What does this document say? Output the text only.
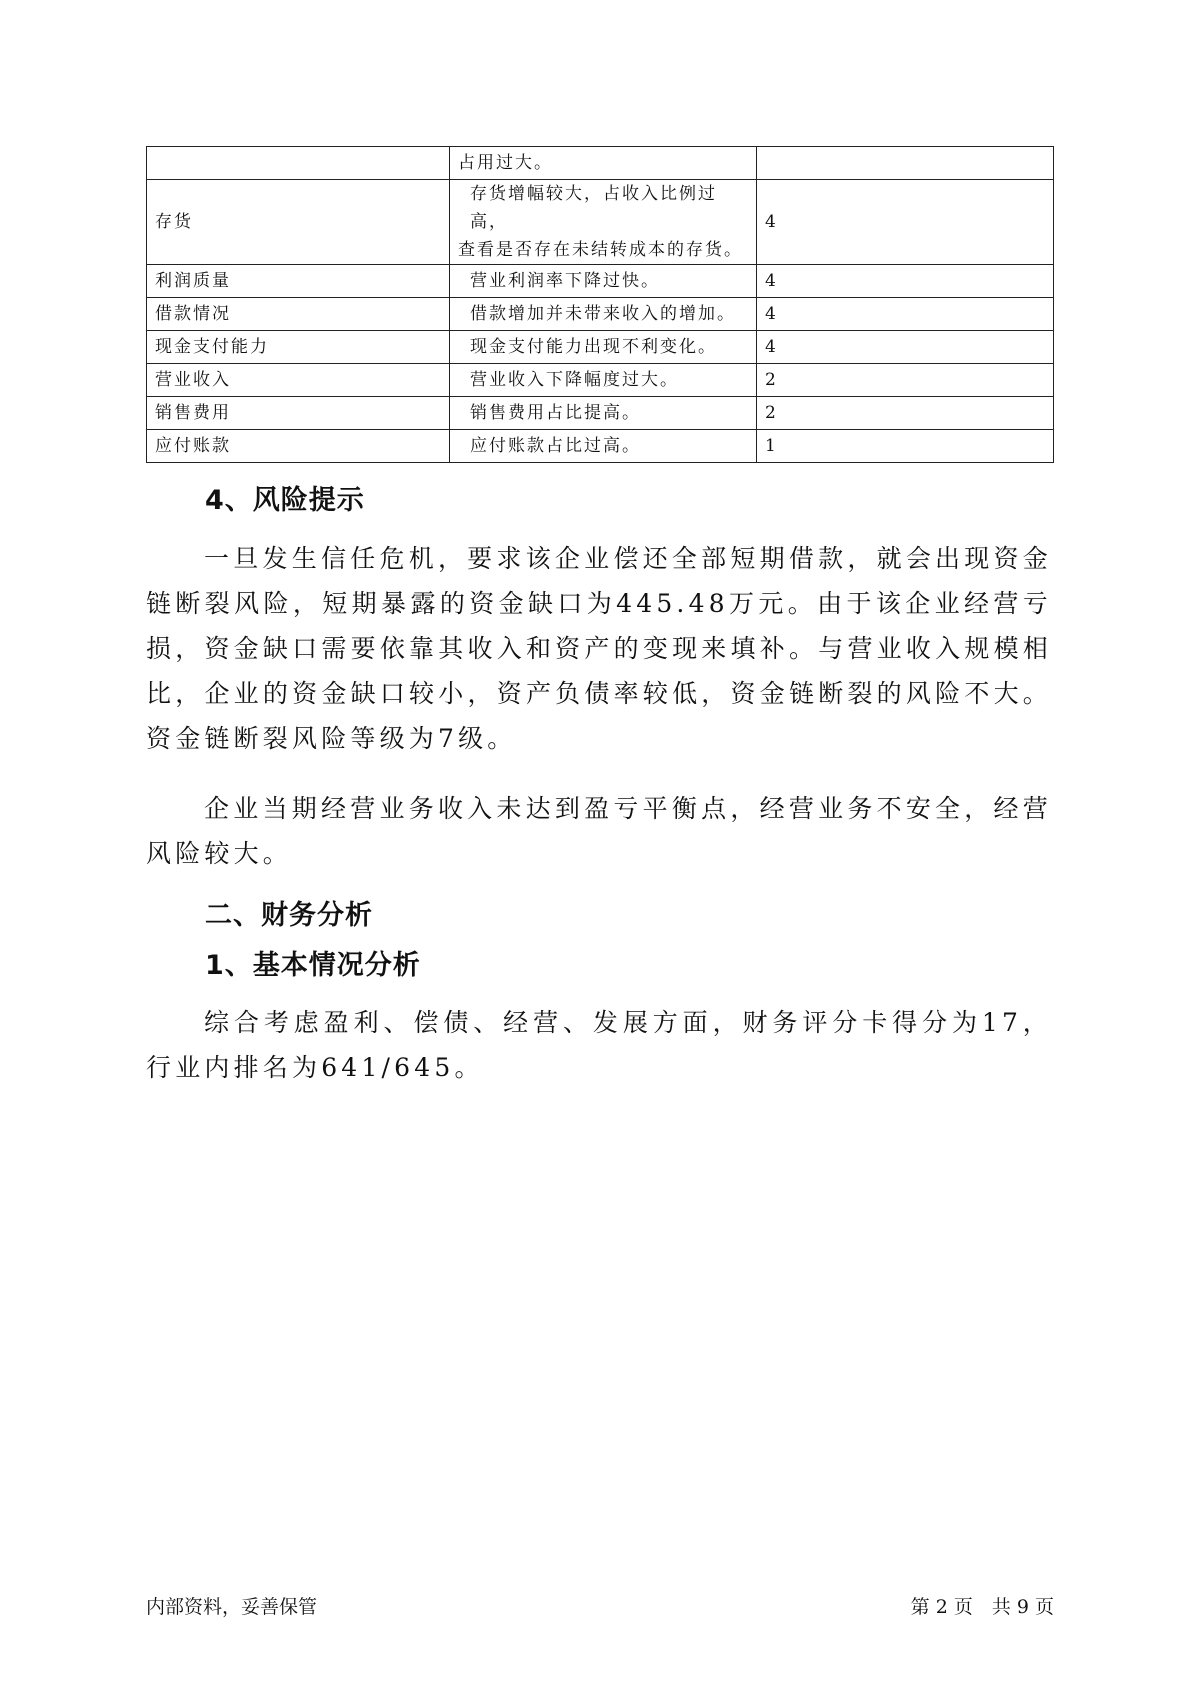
	占用过大。	

存货	存货增幅较大，占收入比例过高，
查看是否存在未结转成本的存货。	4
利润质量	营业利润率下降过快。	4
借款情况	借款增加并未带来收入的增加。	4
现金支付能力	现金支付能力出现不利变化。	4
营业收入	营业收入下降幅度过大。	2
销售费用	销售费用占比提高。	2
应付账款	应付账款占比过高。	1
4、风险提示

一旦发生信任危机，要求该企业偿还全部短期借款，就会出现资金链断裂风险，短期暴露的资金缺口为445.48万元。由于该企业经营亏损，资金缺口需要依靠其收入和资产的变现来填补。与营业收入规模相比，企业的资金缺口较小，资产负债率较低，资金链断裂的风险不大。资金链断裂风险等级为7级。

企业当期经营业务收入未达到盈亏平衡点，经营业务不安全，经营风险较大。

二、财务分析
1、基本情况分析

综合考虑盈利、偿债、经营、发展方面，财务评分卡得分为17，行业内排名为641/645。

内部资料，妥善保管	第 2 页　共 9 页
